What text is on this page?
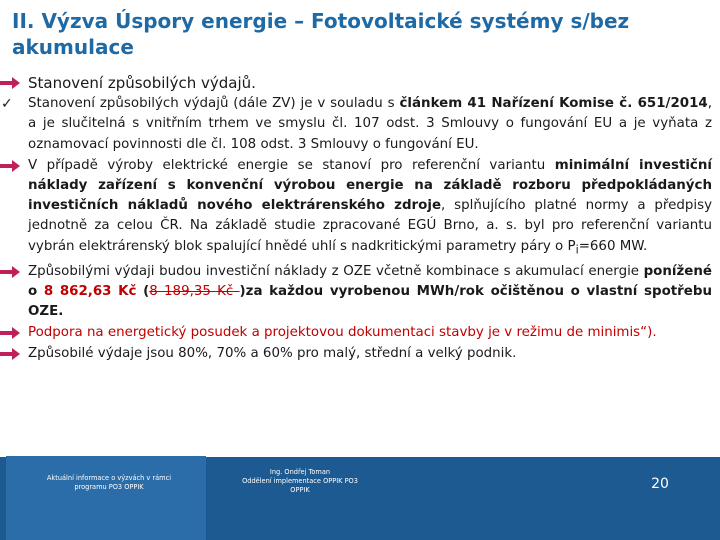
II. Výzva Úspory energie – Fotovoltaické systémy s/bez akumulace

Stanovení způsobilých výdajů.

✓ Stanovení způsobilých výdajů (dále ZV) je v souladu s článkem 41 Nařízení Komise č. 651/2014, a je slučitelná s vnitřním trhem ve smyslu čl. 107 odst. 3 Smlouvy o fungování EU a je vyňata z oznamovací povinnosti dle čl. 108 odst. 3 Smlouvy o fungování EU.

V případě výroby elektrické energie se stanoví pro referenční variantu minimální investiční náklady zařízení s konvenční výrobou energie na základě rozboru předpokládaných investičních nákladů nového elektrárenského zdroje, splňujícího platné normy a předpisy jednotně za celou ČR. Na základě studie zpracované EGÚ Brno, a. s. byl pro referenční variantu vybrán elektrárenský blok spalující hnědé uhlí s nadkritickými parametry páry o $P_i=660$ MW.

Způsobilými výdaji budou investiční náklady z OZE včetně kombinace s akumulací energie ponížené o 8 862,63 Kč (8 189,35 Kč )za každou vyrobenou MWh/rok očištěnou o vlastní spotřebu OZE.

Podpora na energetický posudek a projektovou dokumentaci stavby je v režimu de minimis“).

Způsobilé výdaje jsou 80%, 70% a 60% pro malý, střední a velký podnik.

Aktuální informace o výzvách v rámci
programu PO3 OPPIK
Ing. Ondřej Toman
Oddělení implementace OPPIK PO3
OPPIK	20
